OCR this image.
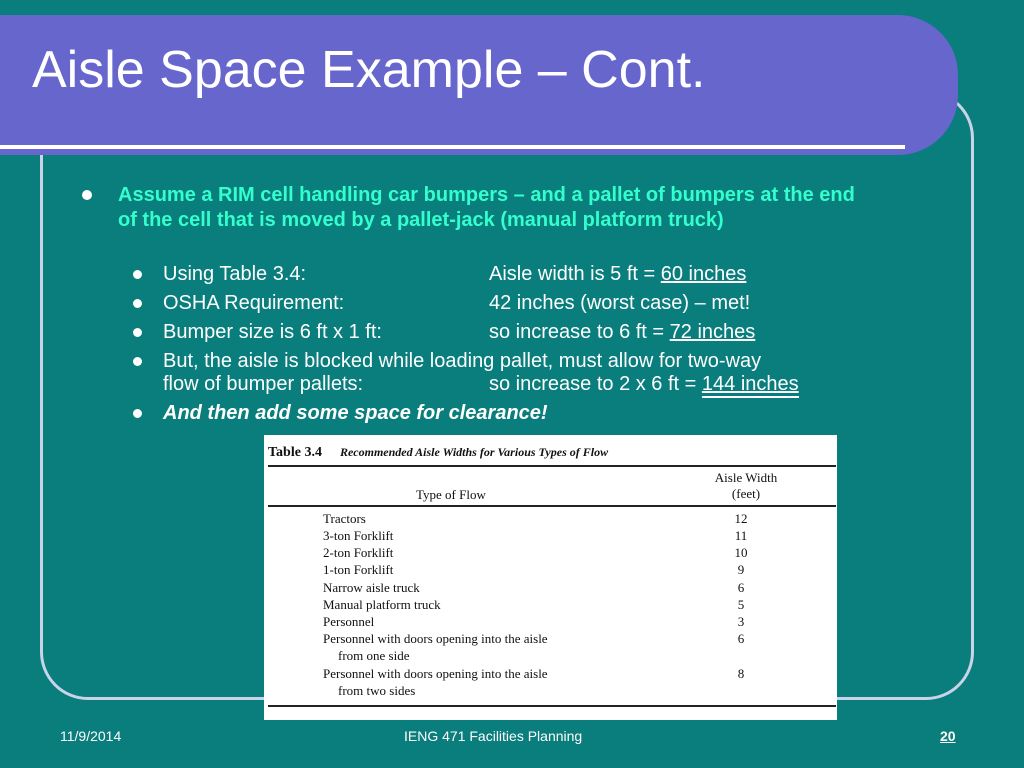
Aisle Space Example – Cont.
Assume a RIM cell handling car bumpers – and a pallet of bumpers at the end of the cell that is moved by a pallet-jack (manual platform truck)
Using Table 3.4:	Aisle width is 5 ft = 60 inches
OSHA Requirement:	42 inches (worst case) – met!
Bumper size is 6 ft x 1 ft:	so increase to 6 ft = 72 inches
But, the aisle is blocked while loading pallet, must allow for two-way
flow of bumper pallets:	so increase to 2 x 6 ft = 144 inches
And then add some space for clearance!
Table 3.4 Recommended Aisle Widths for Various Types of Flow
Type of Flow
Aisle Width
(feet)
Tractors	12
3-ton Forklift	11
2-ton Forklift	10
1-ton Forklift	9
Narrow aisle truck	6
Manual platform truck	5
Personnel	3
Personnel with doors opening into the aisle
from one side
6
Personnel with doors opening into the aisle
from two sides
8
11/9/2014	IENG 471 Facilities Planning	20
